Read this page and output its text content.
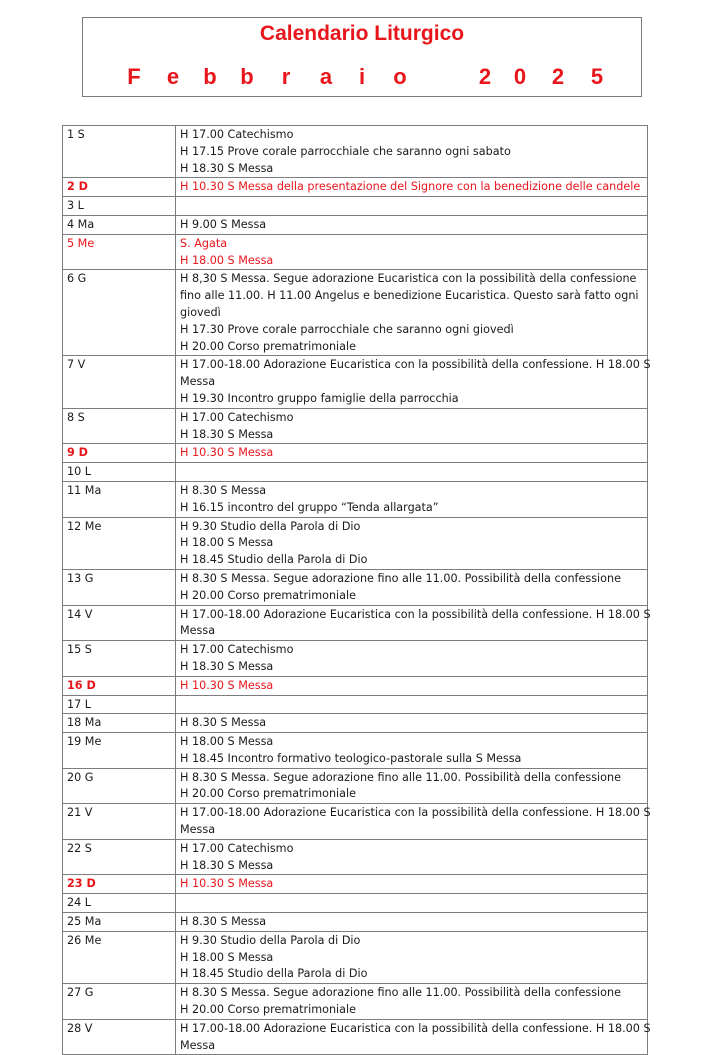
Calendario Liturgico
F e b b r a	i	o	2 0 2 5
1 S	H 17.00 Catechismo
H 17.15 Prove corale parrocchiale che saranno ogni sabato
H 18.30 S Messa

2 D	H 10.30 S Messa della presentazione del Signore con la benedizione delle candele

3 L	

4 Ma	H 9.00 S Messa

5 Me	S. Agata
H 18.00 S Messa

6 G	H 8,30 S Messa. Segue adorazione Eucaristica con la possibilità della confessione
fino alle 11.00. H 11.00 Angelus e benedizione Eucaristica. Questo sarà fatto ogni
giovedì
H 17.30 Prove corale parrocchiale che saranno ogni giovedì
H 20.00 Corso prematrimoniale

7 V	H 17.00-18.00 Adorazione Eucaristica con la possibilità della confessione. H 18.00 S
Messa
H 19.30 Incontro gruppo famiglie della parrocchia

8 S	H 17.00 Catechismo
H 18.30 S Messa

9 D	H 10.30 S Messa

10 L	

11 Ma	H 8.30 S Messa
H 16.15 incontro del gruppo “Tenda allargata”

12 Me	H 9.30 Studio della Parola di Dio
H 18.00 S Messa
H 18.45 Studio della Parola di Dio

13 G	H 8.30 S Messa. Segue adorazione fino alle 11.00. Possibilità della confessione
H 20.00 Corso prematrimoniale

14 V	H 17.00-18.00 Adorazione Eucaristica con la possibilità della confessione. H 18.00 S
Messa

15 S	H 17.00 Catechismo
H 18.30 S Messa

16 D	H 10.30 S Messa

17 L	

18 Ma	H 8.30 S Messa

19 Me	H 18.00 S Messa
H 18.45 Incontro formativo teologico-pastorale sulla S Messa

20 G	H 8.30 S Messa. Segue adorazione fino alle 11.00. Possibilità della confessione
H 20.00 Corso prematrimoniale

21 V	H 17.00-18.00 Adorazione Eucaristica con la possibilità della confessione. H 18.00 S
Messa

22 S	H 17.00 Catechismo
H 18.30 S Messa

23 D	H 10.30 S Messa

24 L	

25 Ma	H 8.30 S Messa

26 Me	H 9.30 Studio della Parola di Dio
H 18.00 S Messa
H 18.45 Studio della Parola di Dio

27 G	H 8.30 S Messa. Segue adorazione fino alle 11.00. Possibilità della confessione
H 20.00 Corso prematrimoniale

28 V	H 17.00-18.00 Adorazione Eucaristica con la possibilità della confessione. H 18.00 S
Messa
